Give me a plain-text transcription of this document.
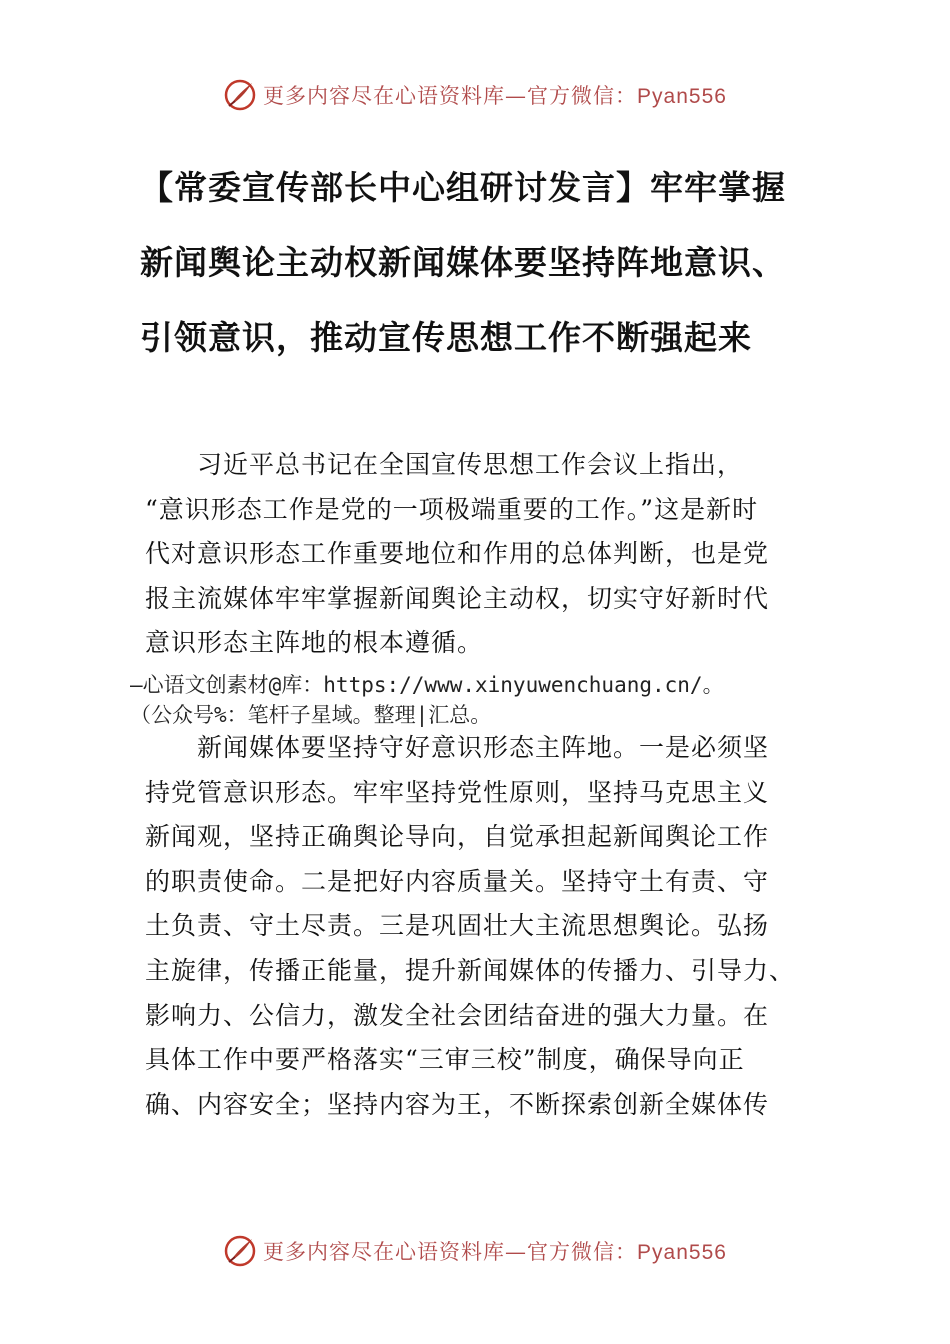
更多内容尽在心语资料库—官方微信：Pyan556
【常委宣传部长中心组研讨发言】牢牢掌握
新闻舆论主动权新闻媒体要坚持阵地意识、
引领意识，推动宣传思想工作不断强起来
　　习近平总书记在全国宣传思想工作会议上指出，
“意识形态工作是党的一项极端重要的工作。”这是新时
代对意识形态工作重要地位和作用的总体判断，也是党
报主流媒体牢牢掌握新闻舆论主动权，切实守好新时代
意识形态主阵地的根本遵循。
—心语文创素材@库：https://www.xinyuwenchuang.cn/。
（公众号%：笔杆子星域。整理|汇总。
　　新闻媒体要坚持守好意识形态主阵地。一是必须坚
持党管意识形态。牢牢坚持党性原则，坚持马克思主义
新闻观，坚持正确舆论导向，自觉承担起新闻舆论工作
的职责使命。二是把好内容质量关。坚持守土有责、守
土负责、守土尽责。三是巩固壮大主流思想舆论。弘扬
主旋律，传播正能量，提升新闻媒体的传播力、引导力、
影响力、公信力，激发全社会团结奋进的强大力量。在
具体工作中要严格落实“三审三校”制度，确保导向正
确、内容安全；坚持内容为王，不断探索创新全媒体传
更多内容尽在心语资料库—官方微信：Pyan556
